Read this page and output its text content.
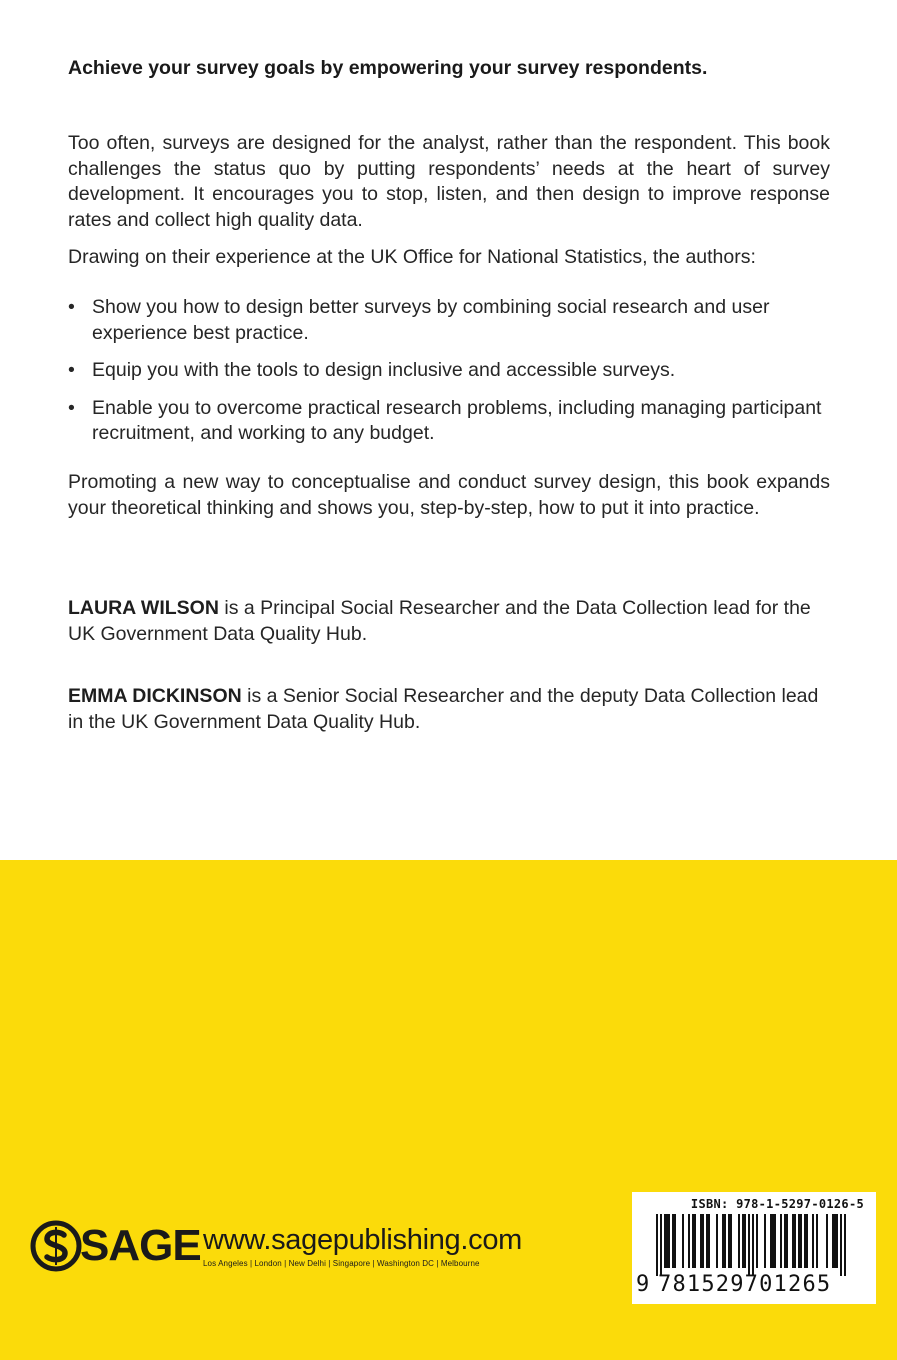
Achieve your survey goals by empowering your survey respondents.
Too often, surveys are designed for the analyst, rather than the respondent. This book challenges the status quo by putting respondents’ needs at the heart of survey development. It encourages you to stop, listen, and then design to improve response rates and collect high quality data.
Drawing on their experience at the UK Office for National Statistics, the authors:
• Show you how to design better surveys by combining social research and user experience best practice.
• Equip you with the tools to design inclusive and accessible surveys.
• Enable you to overcome practical research problems, including managing participant recruitment, and working to any budget.
Promoting a new way to conceptualise and conduct survey design, this book expands your theoretical thinking and shows you, step-by-step, how to put it into practice.
LAURA WILSON is a Principal Social Researcher and the Data Collection lead for the UK Government Data Quality Hub.
EMMA DICKINSON is a Senior Social Researcher and the deputy Data Collection lead in the UK Government Data Quality Hub.
SAGE www.sagepublishing.com
Los Angeles | London | New Delhi | Singapore | Washington DC | Melbourne
ISBN: 978-1-5297-0126-5
9 781529701265
